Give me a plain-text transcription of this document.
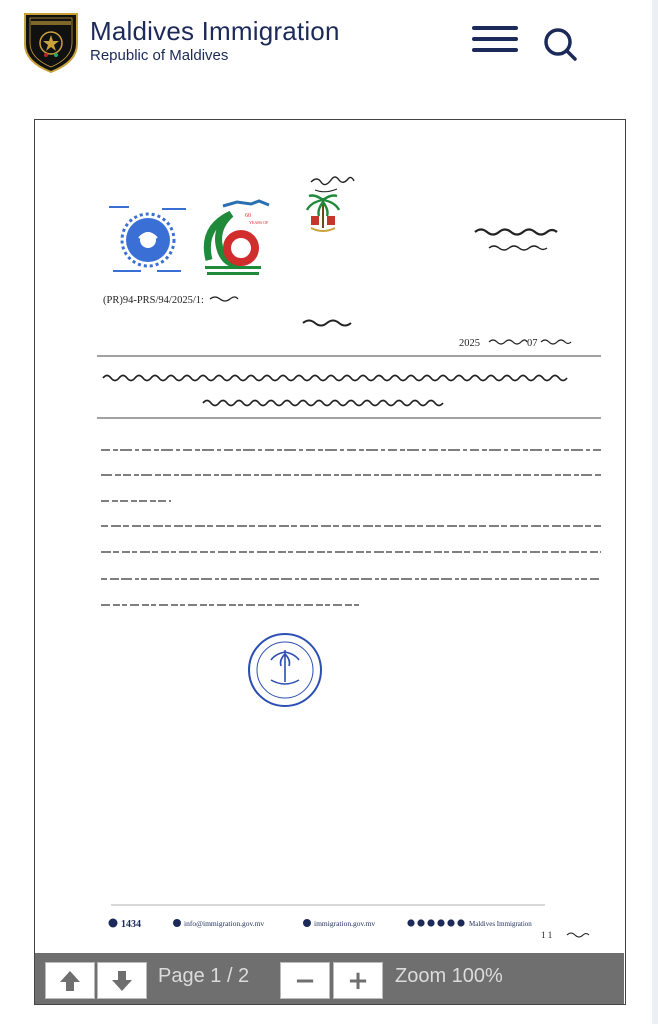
Maldives Immigration
Republic of Maldives
60
YEARS OF
(PR)94-PRS/94/2025/1:
2025	07
1434	info@immigration.gov.mv	immigration.gov.mv	Maldives Immigration
1 1
Page 1 / 2	−	+	Zoom 100%
